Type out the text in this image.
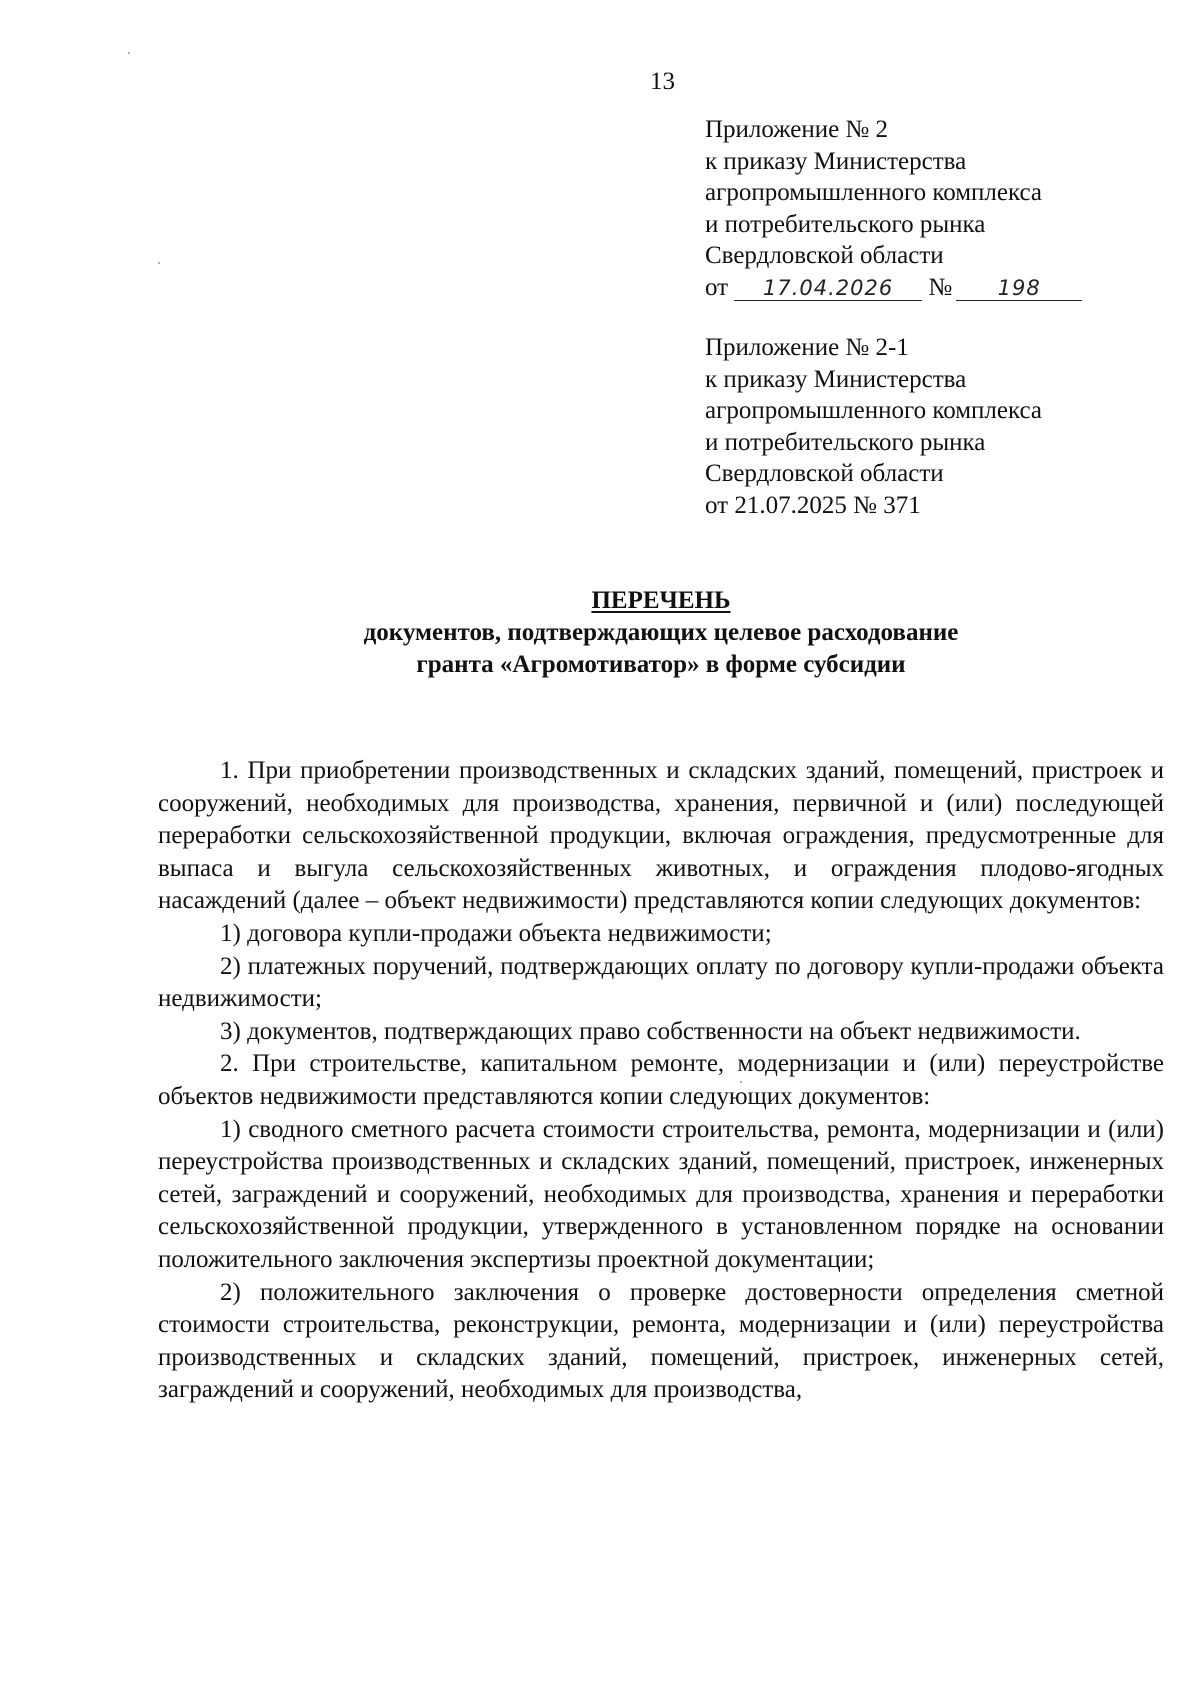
13
Приложение № 2
к приказу Министерства
агропромышленного комплекса
и потребительского рынка
Свердловской области
от 17.04.2026 № 198
Приложение № 2-1
к приказу Министерства
агропромышленного комплекса
и потребительского рынка
Свердловской области
от 21.07.2025 № 371
ПЕРЕЧЕНЬ
документов, подтверждающих целевое расходование
гранта «Агромотиватор» в форме субсидии

1. При приобретении производственных и складских зданий, помещений, пристроек и сооружений, необходимых для производства, хранения, первичной и (или) последующей переработки сельскохозяйственной продукции, включая ограждения, предусмотренные для выпаса и выгула сельскохозяйственных животных, и ограждения плодово-ягодных насаждений (далее – объект недвижимости) представляются копии следующих документов:

1) договора купли-продажи объекта недвижимости;

2) платежных поручений, подтверждающих оплату по договору купли-продажи объекта недвижимости;

3) документов, подтверждающих право собственности на объект недвижимости.

2. При строительстве, капитальном ремонте, модернизации и (или) переустройстве объектов недвижимости представляются копии следующих документов:

1) сводного сметного расчета стоимости строительства, ремонта, модернизации и (или) переустройства производственных и складских зданий, помещений, пристроек, инженерных сетей, заграждений и сооружений, необходимых для производства, хранения и переработки сельскохозяйственной продукции, утвержденного в установленном порядке на основании положительного заключения экспертизы проектной документации;

2) положительного заключения о проверке достоверности определения сметной стоимости строительства, реконструкции, ремонта, модернизации и (или) переустройства производственных и складских зданий, помещений, пристроек, инженерных сетей, заграждений и сооружений, необходимых для производства,
